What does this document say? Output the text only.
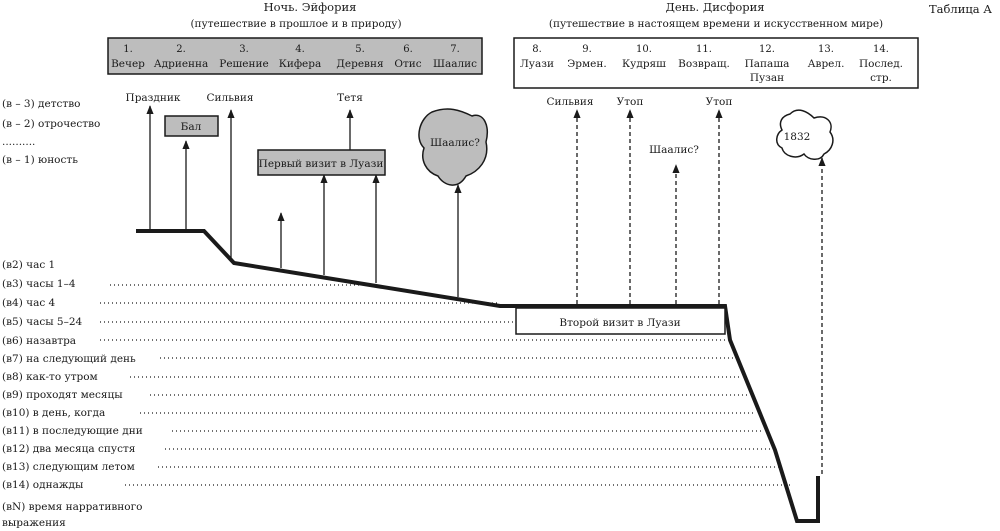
Таблица А
Ночь. Эйфория
(путешествие в прошлое и в природу)
День. Дисфория
(путешествие в настоящем времени и искусственном мире)
1.
Вечер
2.
Адриенна
3.
Решение
4.
Кифера
5.
Деревня
6.
Отис
7.
Шаалис
8.
Луази
9.
Эрмен.
10.
Кудряш
11.
Возвращ.
12.
Папаша
Пузан
13.
Аврел.
14.
Послед.
стр.
(в – 3) детство
(в – 2) отрочество
..........
(в – 1) юность
(в2) час 1
(в3) часы 1–4
(в4) час 4
(в5) часы 5–24
(в6) назавтра
(в7) на следующий день
(в8) как-то утром
(в9) проходят месяцы
(в10) в день, когда
(в11) в последующие дни
(в12) два месяца спустя
(в13) следующим летом
(в14) однажды
(вN) время нарративного
выражения
Праздник Сильвия	Тетя	Сильвия Утоп	Утоп
Шаалис?
Бал
Первый визит в Луази
Шаалис?
Второй визит в Луази
1832
